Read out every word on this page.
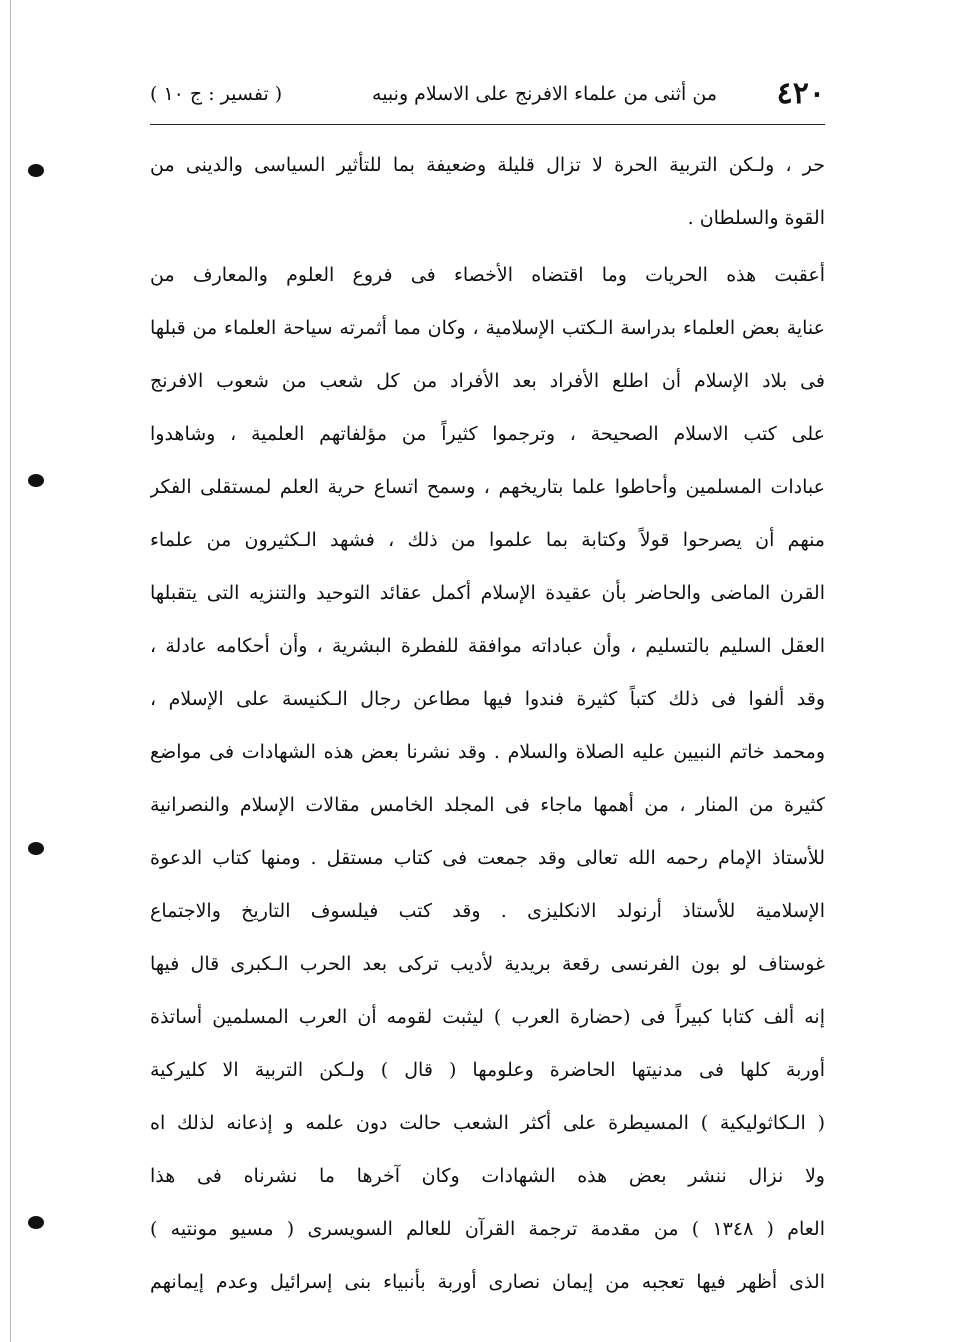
٤٢٠
من أثنى من علماء الافرنج على الاسلام ونبيه
( تفسير : ج ١٠ )
حر ، ولـكن التربية الحرة لا تزال قليلة وضعيفة بما للتأثير السياسى والدينى من
القوة والسلطان .
أعقبت هذه الحريات وما اقتضاه الأخصاء فى فروع العلوم والمعارف من
عناية بعض العلماء بدراسة الـكتب الإسلامية ، وكان مما أثمرته سياحة العلماء من قبلها
فى بلاد الإسلام أن اطلع الأفراد بعد الأفراد من كل شعب من شعوب الافرنج
على كتب الاسلام الصحيحة ، وترجموا كثيراً من مؤلفاتهم العلمية ، وشاهدوا
عبادات المسلمين وأحاطوا علما بتاريخهم ، وسمح اتساع حرية العلم لمستقلى الفكر
منهم أن يصرحوا قولاً وكتابة بما علموا من ذلك ، فشهد الـكثيرون من علماء
القرن الماضى والحاضر بأن عقيدة الإسلام أكمل عقائد التوحيد والتنزيه التى يتقبلها
العقل السليم بالتسليم ، وأن عباداته موافقة للفطرة البشرية ، وأن أحكامه عادلة ،
وقد ألفوا فى ذلك كتباً كثيرة فندوا فيها مطاعن رجال الـكنيسة على الإسلام ،
ومحمد خاتم النبيين عليه الصلاة والسلام . وقد نشرنا بعض هذه الشهادات فى مواضع
كثيرة من المنار ، من أهمها ماجاء فى المجلد الخامس مقالات الإسلام والنصرانية
للأستاذ الإمام رحمه الله تعالى وقد جمعت فى كتاب مستقل . ومنها كتاب الدعوة
الإسلامية للأستاذ أرنولد الانكليزى . وقد كتب فيلسوف التاريخ والاجتماع
غوستاف لو بون الفرنسى رقعة بريدية لأديب تركى بعد الحرب الـكبرى قال فيها
إنه ألف كتابا كبيراً فى (حضارة العرب ) ليثبت لقومه أن العرب المسلمين أساتذة
أوربة كلها فى مدنيتها الحاضرة وعلومها ( قال ) ولـكن التربية الا كليركية
( الـكاثوليكية ) المسيطرة على أكثر الشعب حالت دون علمه و إذعانه لذلك اه
ولا نزال ننشر بعض هذه الشهادات وكان آخرها ما نشرناه فى هذا
العام ( ١٣٤٨ ) من مقدمة ترجمة القرآن للعالم السويسرى ( مسيو مونتيه )
الذى أظهر فيها تعجبه من إيمان نصارى أوربة بأنبياء بنى إسرائيل وعدم إيمانهم
